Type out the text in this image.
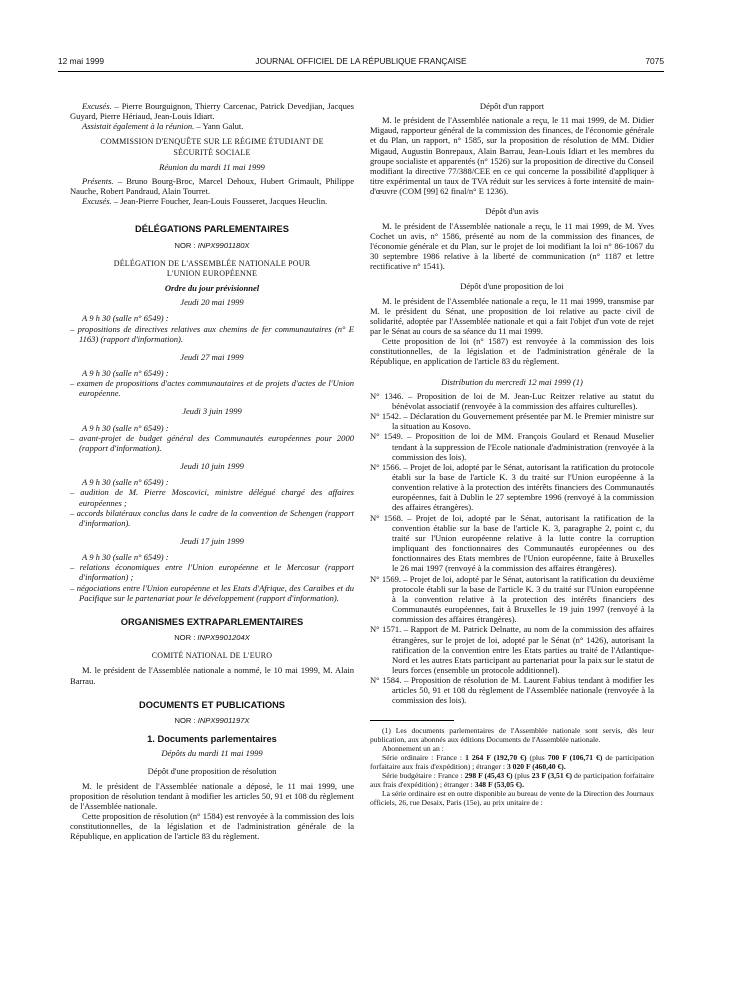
12 mai 1999	JOURNAL OFFICIEL DE LA RÉPUBLIQUE FRANÇAISE	7075

Excusés. – Pierre Bourguignon, Thierry Carcenac, Patrick Devedjian, Jacques Guyard, Pierre Hériaud, Jean-Louis Idiart.

Assistait également à la réunion. – Yann Galut.

COMMISSION D'ENQUÊTE SUR LE RÉGIME ÉTUDIANT DE SÉCURITÉ SOCIALE

Réunion du mardi 11 mai 1999

Présents. – Bruno Bourg-Broc, Marcel Dehoux, Hubert Grimault, Philippe Nauche, Robert Pandraud, Alain Tourret.

Excusés. – Jean-Pierre Foucher, Jean-Louis Fousseret, Jacques Heuclin.

DÉLÉGATIONS PARLEMENTAIRES

NOR : INPX9901180X

DÉLÉGATION DE L'ASSEMBLÉE NATIONALE POUR L'UNION EUROPÉENNE

Ordre du jour prévisionnel

Jeudi 20 mai 1999

A 9 h 30 (salle n° 6549) :

– propositions de directives relatives aux chemins de fer communautaires (n° E 1163) (rapport d'information).

Jeudi 27 mai 1999

A 9 h 30 (salle n° 6549) :

– examen de propositions d'actes communautaires et de projets d'actes de l'Union européenne.

Jeudi 3 juin 1999

A 9 h 30 (salle n° 6549) :

– avant-projet de budget général des Communautés européennes pour 2000 (rapport d'information).

Jeudi 10 juin 1999

A 9 h 30 (salle n° 6549) :

– audition de M. Pierre Moscovici, ministre délégué chargé des affaires européennes ;

– accords bilatéraux conclus dans le cadre de la convention de Schengen (rapport d'information).

Jeudi 17 juin 1999

A 9 h 30 (salle n° 6549) :

– relations économiques entre l'Union européenne et le Mercosur (rapport d'information) ;

– négociations entre l'Union européenne et les Etats d'Afrique, des Caraïbes et du Pacifique sur le partenariat pour le développement (rapport d'information).

ORGANISMES EXTRAPARLEMENTAIRES

NOR : INPX9901204X

COMITÉ NATIONAL DE L'EURO

M. le président de l'Assemblée nationale a nommé, le 10 mai 1999, M. Alain Barrau.

DOCUMENTS ET PUBLICATIONS

NOR : INPX9901197X

1. Documents parlementaires

Dépôts du mardi 11 mai 1999

Dépôt d'une proposition de résolution

M. le président de l'Assemblée nationale a déposé, le 11 mai 1999, une proposition de résolution tendant à modifier les articles 50, 91 et 108 du règlement de l'Assemblée nationale.

Cette proposition de résolution (n° 1584) est renvoyée à la commission des lois constitutionnelles, de la législation et de l'administration générale de la République, en application de l'article 83 du règlement.

Dépôt d'un rapport

M. le président de l'Assemblée nationale a reçu, le 11 mai 1999, de M. Didier Migaud, rapporteur général de la commission des finances, de l'économie générale et du Plan, un rapport, n° 1585, sur la proposition de résolution de MM. Didier Migaud, Augustin Bonrepaux, Alain Barrau, Jean-Louis Idiart et les membres du groupe socialiste et apparentés (n° 1526) sur la proposition de directive du Conseil modifiant la directive 77/388/CEE en ce qui concerne la possibilité d'appliquer à titre expérimental un taux de TVA réduit sur les services à forte intensité de main-d'œuvre (COM [99] 62 final/n° E 1236).

Dépôt d'un avis

M. le président de l'Assemblée nationale a reçu, le 11 mai 1999, de M. Yves Cochet un avis, n° 1586, présenté au nom de la commission des finances, de l'économie générale et du Plan, sur le projet de loi modifiant la loi n° 86-1067 du 30 septembre 1986 relative à la liberté de communication (n° 1187 et lettre rectificative n° 1541).

Dépôt d'une proposition de loi

M. le président de l'Assemblée nationale a reçu, le 11 mai 1999, transmise par M. le président du Sénat, une proposition de loi relative au pacte civil de solidarité, adoptée par l'Assemblée nationale et qui a fait l'objet d'un vote de rejet par le Sénat au cours de sa séance du 11 mai 1999.

Cette proposition de loi (n° 1587) est renvoyée à la commission des lois constitutionnelles, de la législation et de l'administration générale de la République, en application de l'article 83 du règlement.

Distribution du mercredi 12 mai 1999 (1)

N° 1346. – Proposition de loi de M. Jean-Luc Reitzer relative au statut du bénévolat associatif (renvoyée à la commission des affaires culturelles).

N° 1542. – Déclaration du Gouvernement présentée par M. le Premier ministre sur la situation au Kosovo.

N° 1549. – Proposition de loi de MM. François Goulard et Renaud Muselier tendant à la suppression de l'Ecole nationale d'administration (renvoyée à la commission des lois).

N° 1566. – Projet de loi, adopté par le Sénat, autorisant la ratification du protocole établi sur la base de l'article K. 3 du traité sur l'Union européenne à la convention relative à la protection des intérêts financiers des Communautés européennes, fait à Dublin le 27 septembre 1996 (renvoyé à la commission des affaires étrangères).

N° 1568. – Projet de loi, adopté par le Sénat, autorisant la ratification de la convention établie sur la base de l'article K. 3, paragraphe 2, point c, du traité sur l'Union européenne relative à la lutte contre la corruption impliquant des fonctionnaires des Communautés européennes ou des fonctionnaires des Etats membres de l'Union européenne, faite à Bruxelles le 26 mai 1997 (renvoyé à la commission des affaires étrangères).

N° 1569. – Projet de loi, adopté par le Sénat, autorisant la ratification du deuxième protocole établi sur la base de l'article K. 3 du traité sur l'Union européenne à la convention relative à la protection des intérêts financiers des Communautés européennes, fait à Bruxelles le 19 juin 1997 (renvoyé à la commission des affaires étrangères).

N° 1571. – Rapport de M. Patrick Delnatte, au nom de la commission des affaires étrangères, sur le projet de loi, adopté par le Sénat (n° 1426), autorisant la ratification de la convention entre les Etats parties au traité de l'Atlantique-Nord et les autres Etats participant au partenariat pour la paix sur le statut de leurs forces (ensemble un protocole additionnel).

N° 1584. – Proposition de résolution de M. Laurent Fabius tendant à modifier les articles 50, 91 et 108 du règlement de l'Assemblée nationale (renvoyée à la commission des lois).

(1) Les documents parlementaires de l'Assemblée nationale sont servis, dès leur publication, aux abonnés aux éditions Documents de l'Assemblée nationale.

Abonnement un an :

Série ordinaire : France : 1 264 F (192,70 €) (plus 700 F (106,71 €) de participation forfaitaire aux frais d'expédition) ; étranger : 3 020 F (460,40 €).

Série budgétaire : France : 298 F (45,43 €) (plus 23 F (3,51 €) de participation forfaitaire aux frais d'expédition) ; étranger : 348 F (53,05 €).

La série ordinaire est en outre disponible au bureau de vente de la Direction des Journaux officiels, 26, rue Desaix, Paris (15e), au prix unitaire de :
